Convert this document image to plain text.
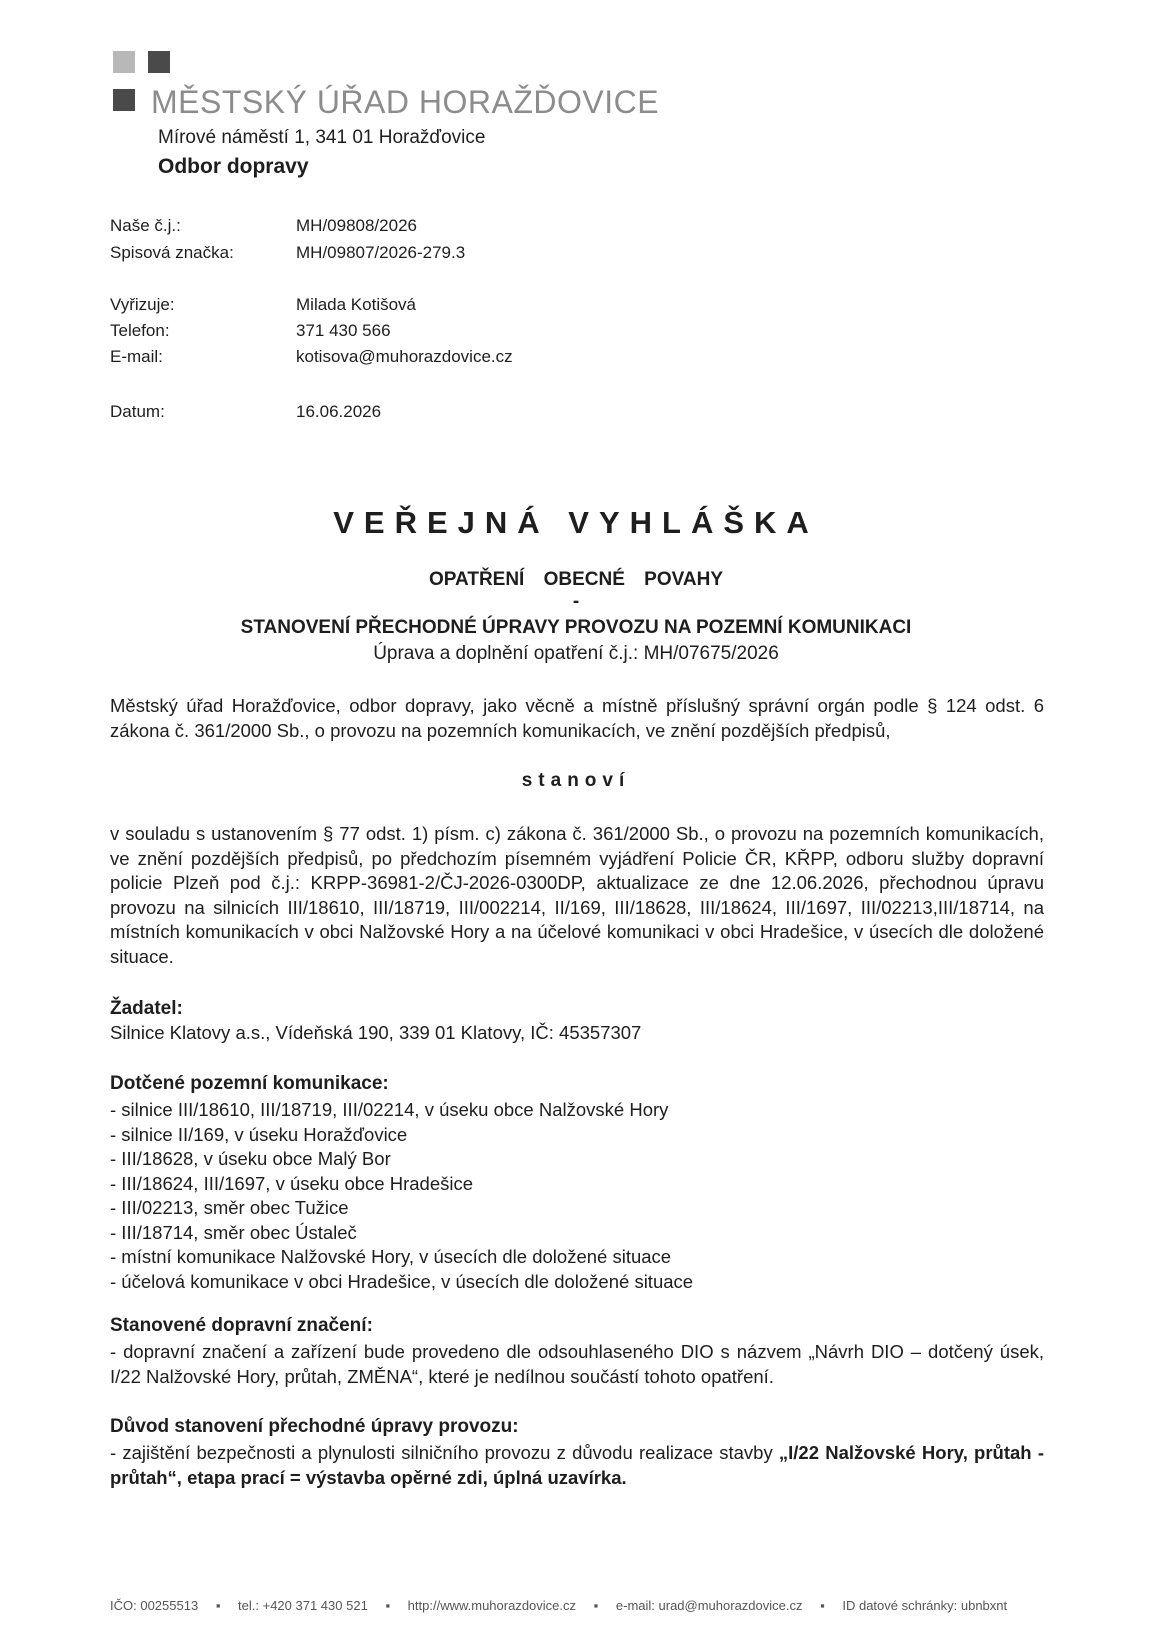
MĚSTSKÝ ÚŘAD HORAŽĎOVICE
Mírové náměstí 1, 341 01 Horažďovice
Odbor dopravy
Naše č.j.:	MH/09808/2026
Spisová značka:	MH/09807/2026-279.3
Vyřizuje:	Milada Kotišová
Telefon:	371 430 566
E-mail:	kotisova@muhorazdovice.cz
Datum:	16.06.2026
VEŘEJNÁ VYHLÁŠKA
OPATŘENÍ OBECNÉ POVAHY
-
STANOVENÍ PŘECHODNÉ ÚPRAVY PROVOZU NA POZEMNÍ KOMUNIKACI
Úprava a doplnění opatření č.j.: MH/07675/2026
Městský úřad Horažďovice, odbor dopravy, jako věcně a místně příslušný správní orgán podle § 124 odst. 6 zákona č. 361/2000 Sb., o provozu na pozemních komunikacích, ve znění pozdějších předpisů,
stanoví
v souladu s ustanovením § 77 odst. 1) písm. c) zákona č. 361/2000 Sb., o provozu na pozemních komunikacích, ve znění pozdějších předpisů, po předchozím písemném vyjádření Policie ČR, KŘPP, odboru služby dopravní policie Plzeň pod č.j.: KRPP-36981-2/ČJ-2026-0300DP, aktualizace ze dne 12.06.2026, přechodnou úpravu provozu na silnicích III/18610, III/18719, III/002214, II/169, III/18628, III/18624, III/1697, III/02213,III/18714, na místních komunikacích v obci Nalžovské Hory a na účelové komunikaci v obci Hradešice, v úsecích dle doložené situace.
Žadatel:
Silnice Klatovy a.s., Vídeňská 190, 339 01 Klatovy, IČ: 45357307
Dotčené pozemní komunikace:
- silnice III/18610, III/18719, III/02214, v úseku obce Nalžovské Hory
- silnice II/169, v úseku Horažďovice
- III/18628, v úseku obce Malý Bor
- III/18624, III/1697, v úseku obce Hradešice
- III/02213, směr obec Tužice
- III/18714, směr obec Ústaleč
- místní komunikace Nalžovské Hory, v úsecích dle doložené situace
- účelová komunikace v obci Hradešice, v úsecích dle doložené situace
Stanovené dopravní značení:
- dopravní značení a zařízení bude provedeno dle odsouhlaseného DIO s názvem „Návrh DIO – dotčený úsek, I/22 Nalžovské Hory, průtah, ZMĚNA“, které je nedílnou součástí tohoto opatření.
Důvod stanovení přechodné úpravy provozu:
- zajištění bezpečnosti a plynulosti silničního provozu z důvodu realizace stavby „I/22 Nalžovské Hory, průtah - průtah“, etapa prací = výstavba opěrné zdi, úplná uzavírka.
IČO: 00255513 ▪ tel.: +420 371 430 521 ▪ http://www.muhorazdovice.cz ▪ e-mail: urad@muhorazdovice.cz ▪ ID datové schránky: ubnbxnt
